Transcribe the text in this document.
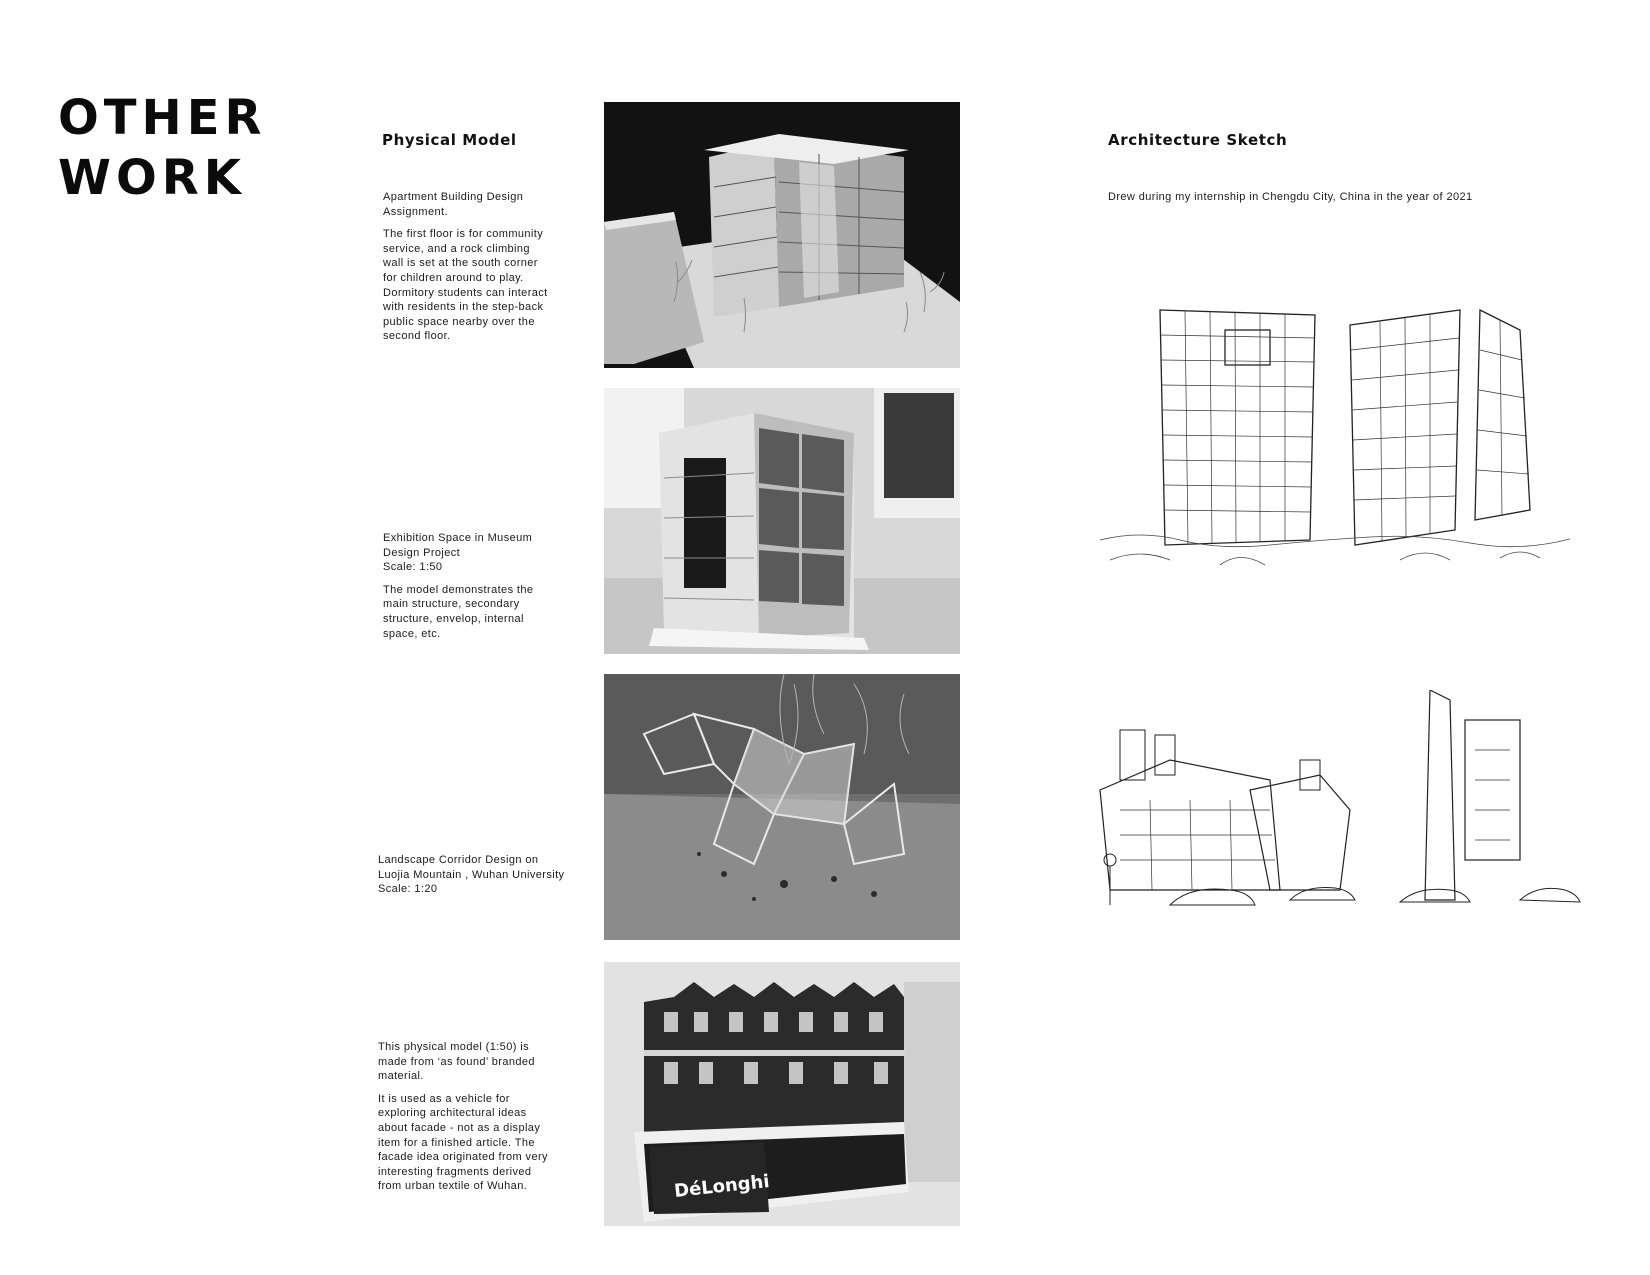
OTHER
WORK
Physical Model

Apartment Building Design
Assignment.

The first floor is for community
service, and a rock climbing
wall is set at the south corner
for children around to play.
Dormitory students can interact
with residents in the step-back
public space nearby over the
second floor.

Exhibition Space in Museum
Design Project
Scale: 1:50

The model demonstrates the
main structure, secondary
structure, envelop, internal
space, etc.

Landscape Corridor Design on
Luojia Mountain , Wuhan University
Scale: 1:20

This physical model (1:50) is
made from ‘as found’ branded
material.

It is used as a vehicle for
exploring architectural ideas
about facade - not as a display
item for a finished article. The
facade idea originated from very
interesting fragments derived
from urban textile of Wuhan.	DéLonghi
Architecture Sketch
Drew during my internship in Chengdu City, China in the year of 2021
